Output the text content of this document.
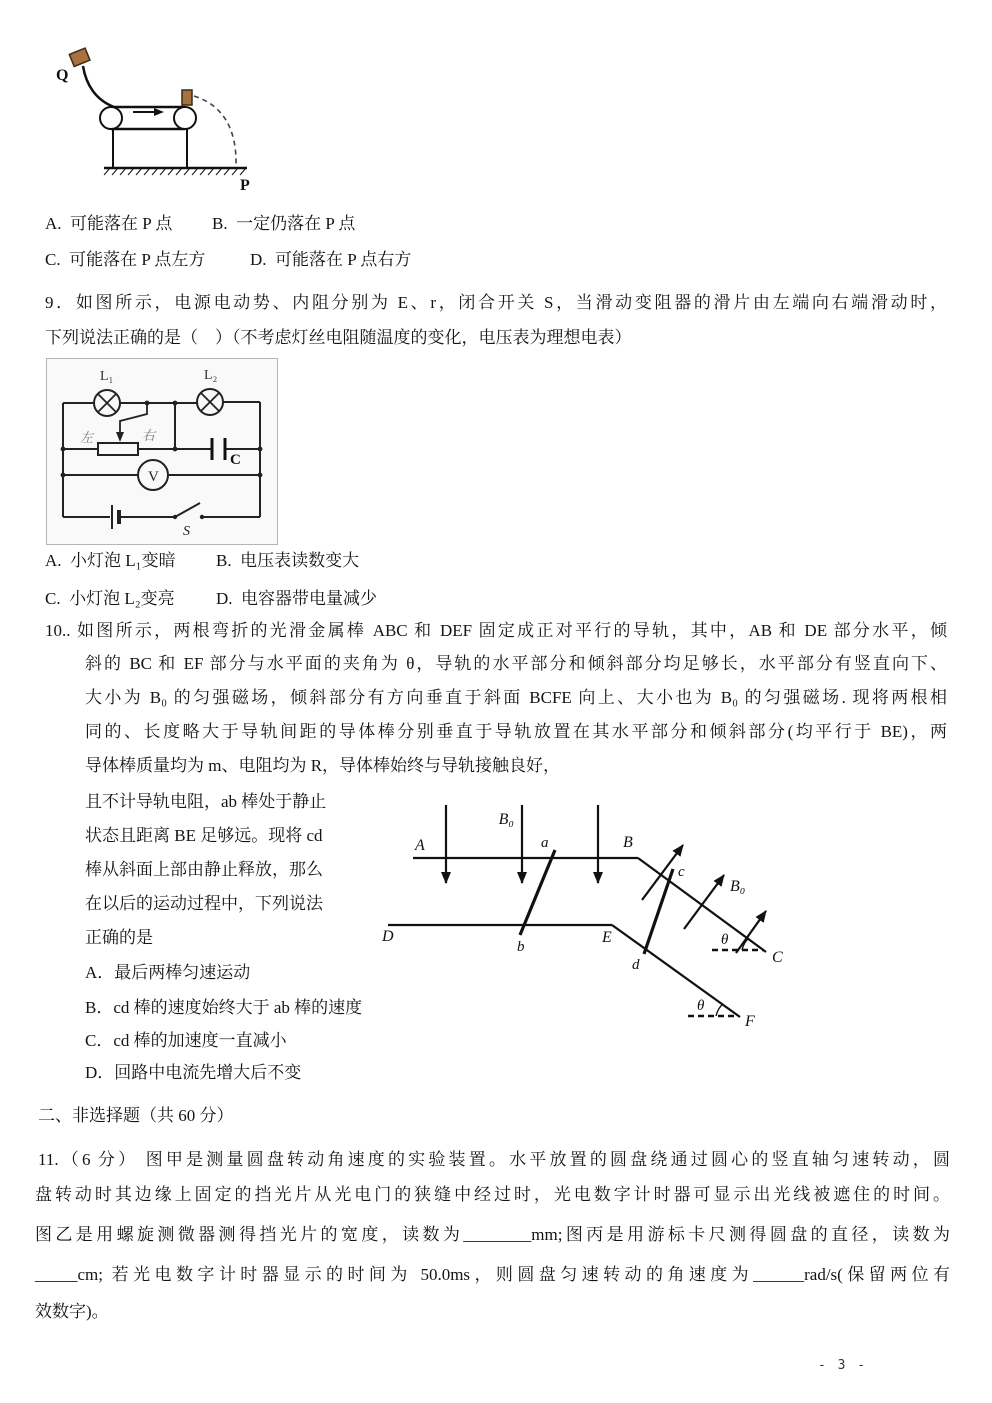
Q
P
A.  可能落在 P 点 B.  一定仍落在 P 点
C.  可能落在 P 点左方	D.  可能落在 P 点右方
9．如图所示，电源电动势、内阻分别为 E、r，闭合开关 S，当滑动变阻器的滑片由左端向右端滑动时，
下列说法正确的是（　）（不考虑灯丝电阻随温度的变化，电压表为理想电表）
L₁	L₂
左	右
C
V
S
A.  小灯泡 L₁变暗 B.  电压表读数变大
C.  小灯泡 L₂变亮 D.  电容器带电量减少
10.. 如图所示，两根弯折的光滑金属棒 ABC 和 DEF 固定成正对平行的导轨，其中，AB 和 DE 部分水平，倾
斜的 BC 和 EF 部分与水平面的夹角为 θ，导轨的水平部分和倾斜部分均足够长，水平部分有竖直向下、
大小为 B₀ 的匀强磁场，倾斜部分有方向垂直于斜面 BCFE 向上、大小也为 B₀ 的匀强磁场. 现将两根相
同的、长度略大于导轨间距的导体棒分别垂直于导轨放置在其水平部分和倾斜部分(均平行于 BE)，两
导体棒质量均为 m、电阻均为 R，导体棒始终与导轨接触良好，
且不计导轨电阻，ab 棒处于静止
状态且距离 BE 足够远。现将 cd
棒从斜面上部由静止释放，那么
在以后的运动过程中，下列说法
正确的是
B₀
B₀
θ
θ
A	B
C
D	E
F
a
b
c
d
A．最后两棒匀速运动
B．cd 棒的速度始终大于 ab 棒的速度
C．cd 棒的加速度一直减小
D．回路中电流先增大后不变
二、非选择题（共 60 分）
11.（6 分） 图甲是测量圆盘转动角速度的实验装置。水平放置的圆盘绕通过圆心的竖直轴匀速转动，圆
盘转动时其边缘上固定的挡光片从光电门的狭缝中经过时，光电数字计时器可显示出光线被遮住的时间。
图乙是用螺旋测微器测得挡光片的宽度，读数为________mm;图丙是用游标卡尺测得圆盘的直径，读数为
_____cm; 若光电数字计时器显示的时间为 50.0ms，则圆盘匀速转动的角速度为______rad/s(保留两位有
效数字)。
- 3 -
